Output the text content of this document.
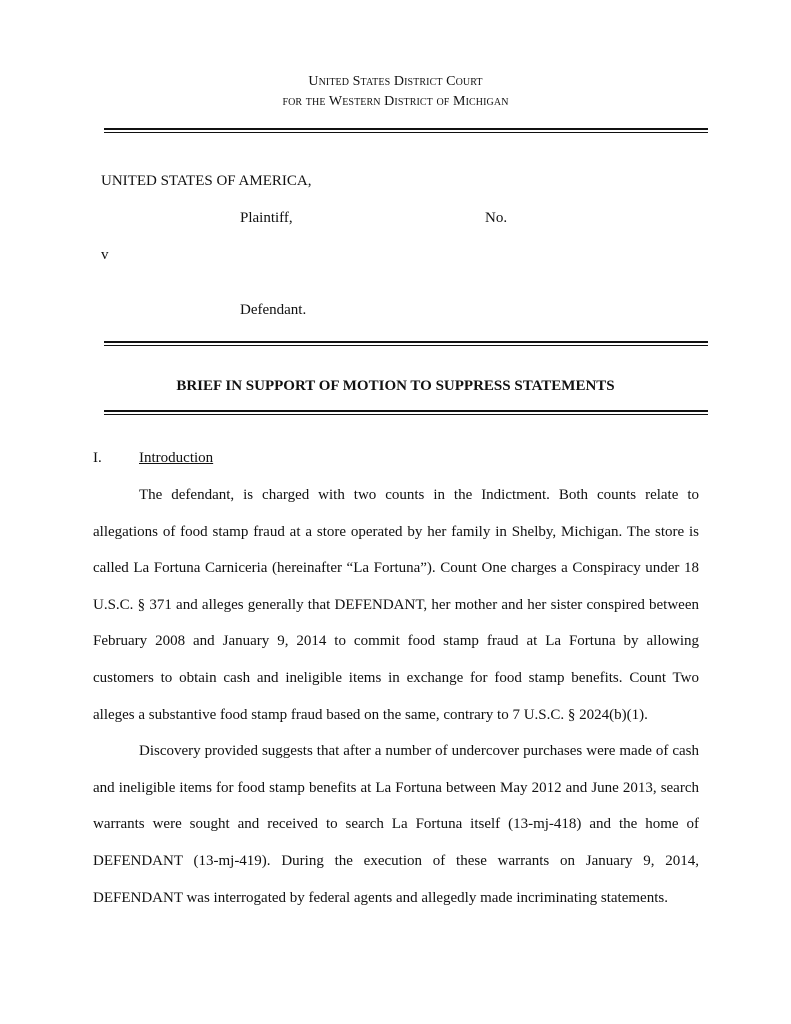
United States District Court
for the Western District of Michigan
UNITED STATES OF AMERICA,
Plaintiff,	No.
v
Defendant.
BRIEF IN SUPPORT OF MOTION TO SUPPRESS STATEMENTS
I. Introduction

The defendant, is charged with two counts in the Indictment. Both counts relate to allegations of food stamp fraud at a store operated by her family in Shelby, Michigan. The store is called La Fortuna Carniceria (hereinafter “La Fortuna”). Count One charges a Conspiracy under 18 U.S.C. § 371 and alleges generally that DEFENDANT, her mother and her sister conspired between February 2008 and January 9, 2014 to commit food stamp fraud at La Fortuna by allowing customers to obtain cash and ineligible items in exchange for food stamp benefits. Count Two alleges a substantive food stamp fraud based on the same, contrary to 7 U.S.C. § 2024(b)(1).

Discovery provided suggests that after a number of undercover purchases were made of cash and ineligible items for food stamp benefits at La Fortuna between May 2012 and June 2013, search warrants were sought and received to search La Fortuna itself (13-mj-418) and the home of DEFENDANT (13-mj-419). During the execution of these warrants on January 9, 2014, DEFENDANT was interrogated by federal agents and allegedly made incriminating statements.
